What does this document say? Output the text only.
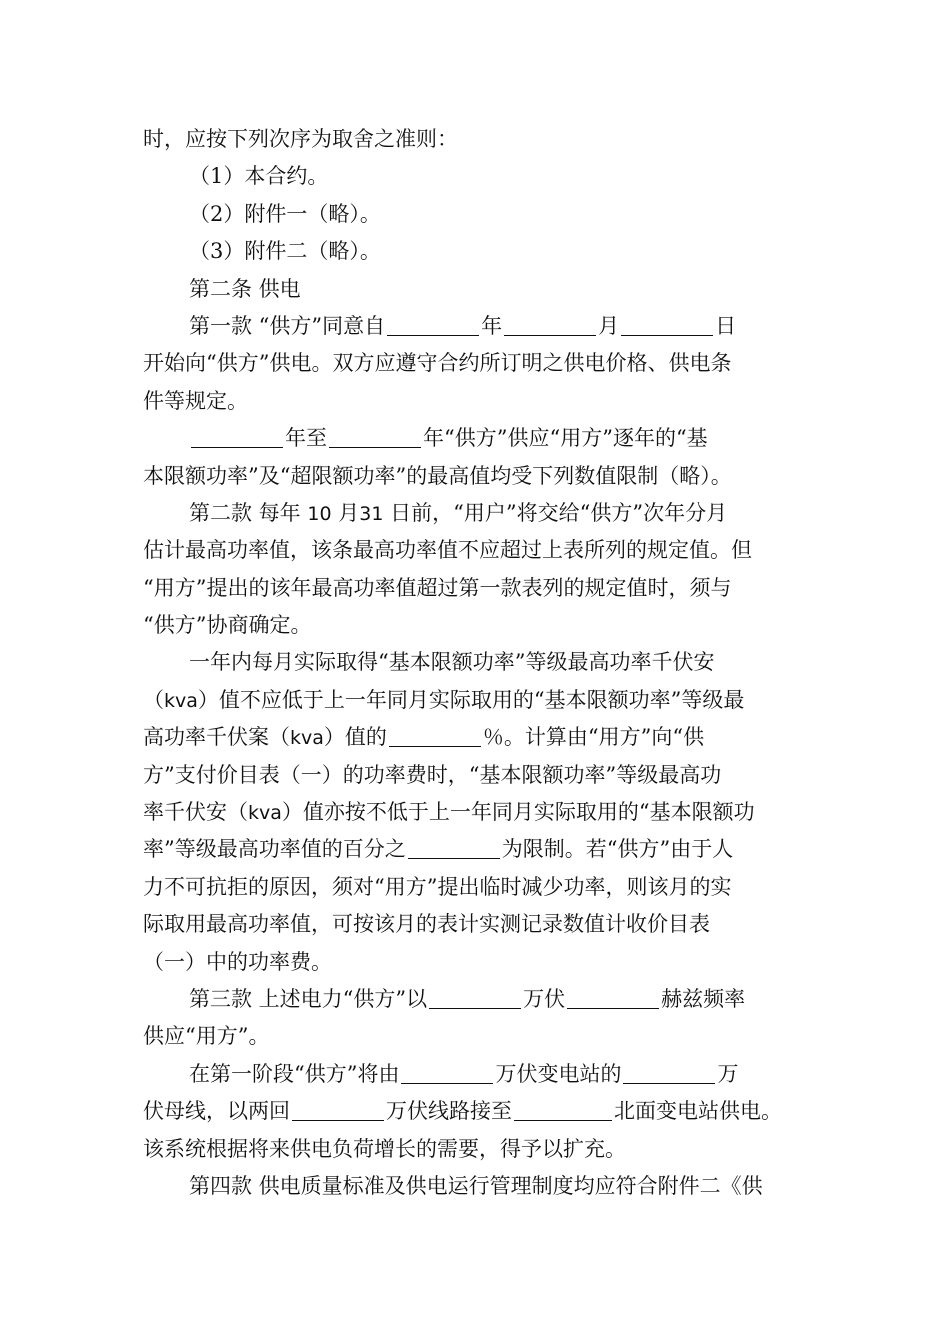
时，应按下列次序为取舍之准则：
（1）本合约。
（2）附件一（略）。
（3）附件二（略）。
第二条 供电
第一款 “供方”同意自	年	月	日
开始向“供方”供电。双方应遵守合约所订明之供电价格、供电条
件等规定。
年至	年“供方”供应“用方”逐年的“基
本限额功率”及“超限额功率”的最高值均受下列数值限制（略）。
第二款 每年 10 月31 日前，“用户”将交给“供方”次年分月
估计最高功率值，该条最高功率值不应超过上表所列的规定值。但
“用方”提出的该年最高功率值超过第一款表列的规定值时，须与
“供方”协商确定。
一年内每月实际取得“基本限额功率”等级最高功率千伏安
（kva）值不应低于上一年同月实际取用的“基本限额功率”等级最
高功率千伏案（kva）值的	％。计算由“用方”向“供
方”支付价目表（一）的功率费时，“基本限额功率”等级最高功
率千伏安（kva）值亦按不低于上一年同月实际取用的“基本限额功
率”等级最高功率值的百分之	为限制。若“供方”由于人
力不可抗拒的原因，须对“用方”提出临时减少功率，则该月的实
际取用最高功率值，可按该月的表计实测记录数值计收价目表
（一）中的功率费。
第三款 上述电力“供方”以	万伏	赫兹频率
供应“用方”。
在第一阶段“供方”将由	万伏变电站的	万
伏母线，以两回	万伏线路接至	北面变电站供电。
该系统根据将来供电负荷增长的需要，得予以扩充。
第四款 供电质量标准及供电运行管理制度均应符合附件二《供
